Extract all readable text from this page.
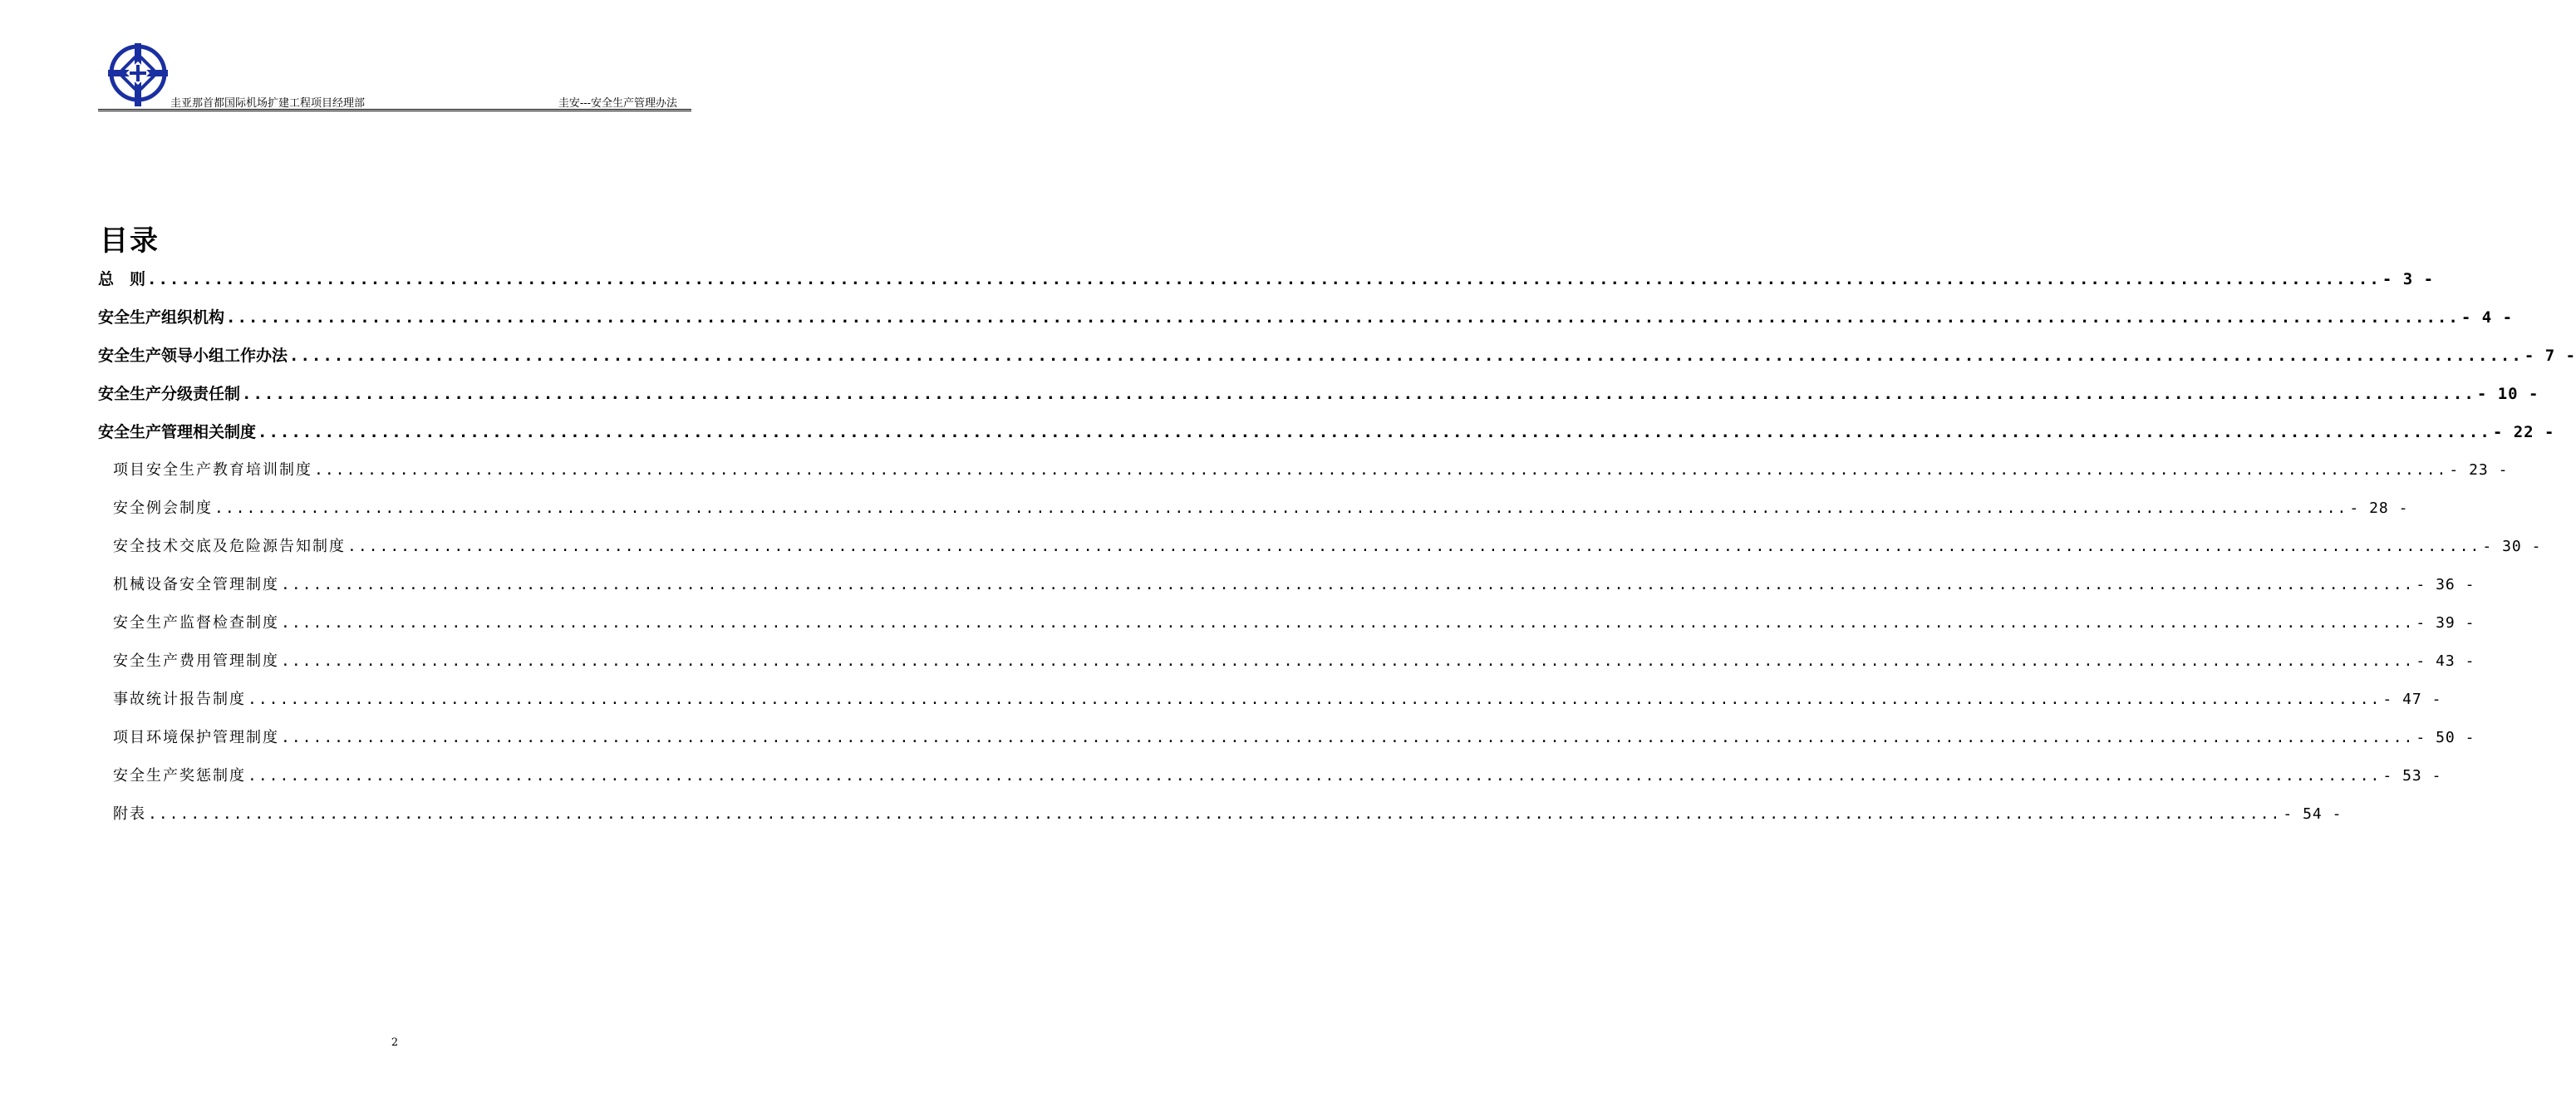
圭亚那首都国际机场扩建工程项目经理部	圭安---安全生产管理办法
目录
总　则 ........................................................................................................................................................................................................ - 3 -
安全生产组织机构 ........................................................................................................................................................................................................ - 4 -
安全生产领导小组工作办法 ........................................................................................................................................................................................................ - 7 -
安全生产分级责任制 ........................................................................................................................................................................................................ - 10 -
安全生产管理相关制度 ........................................................................................................................................................................................................ - 22 -
项目安全生产教育培训制度 ........................................................................................................................................................................................................ - 23 -
安全例会制度 ........................................................................................................................................................................................................ - 28 -
安全技术交底及危险源告知制度 ........................................................................................................................................................................................................ - 30 -
机械设备安全管理制度 ........................................................................................................................................................................................................ - 36 -
安全生产监督检查制度 ........................................................................................................................................................................................................ - 39 -
安全生产费用管理制度 ........................................................................................................................................................................................................ - 43 -
事故统计报告制度 ........................................................................................................................................................................................................ - 47 -
项目环境保护管理制度 ........................................................................................................................................................................................................ - 50 -
安全生产奖惩制度 ........................................................................................................................................................................................................ - 53 -
附表 ........................................................................................................................................................................................................ - 54 -
2
